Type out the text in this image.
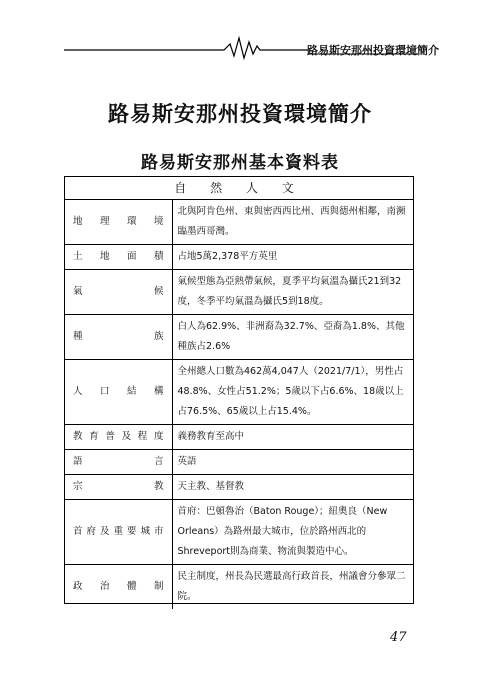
路易斯安那州投資環境簡介
路易斯安那州投資環境簡介
路易斯安那州基本資料表
自 然 人 文	
地理環境	北與阿肯色州、東與密西西比州、西與德州相鄰，南瀕臨墨西哥灣。
土地面積	占地5萬2,378平方英里
氣候	氣候型態為亞熱帶氣候，夏季平均氣溫為攝氏21到32度，冬季平均氣溫為攝氏5到18度。
種族	白人為62.9%、非洲裔為32.7%、亞裔為1.8%、其他種族占2.6%
人口結構	全州總人口數為462萬4,047人（2021/7/1），男性占48.8%、女性占51.2%；5歲以下占6.6%、18歲以上占76.5%、65歲以上占15.4%。
教育普及程度	義務教育至高中
語言	英語
宗教	天主教、基督教
首府及重要城市	首府：巴頓魯治（Baton Rouge）；紐奧良（New Orleans）為路州最大城市，位於路州西北的Shreveport則為商業、物流與製造中心。
政治體制	民主制度，州長為民選最高行政首長，州議會分參眾二院。
47
